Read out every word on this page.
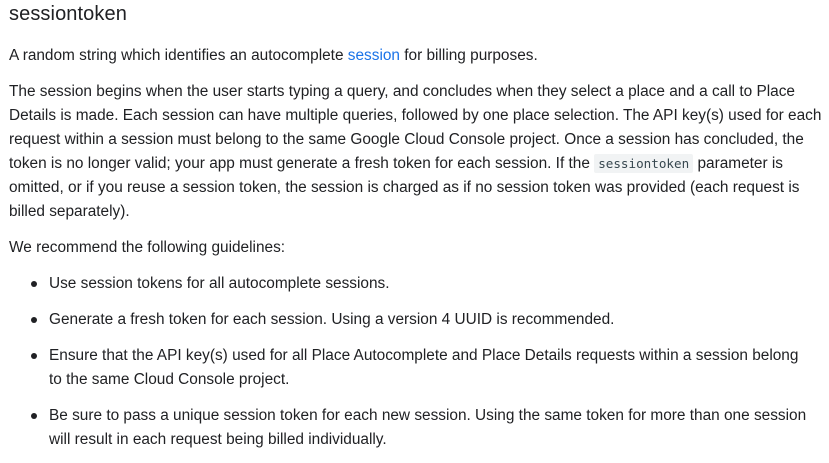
sessiontoken

A random string which identifies an autocomplete session for billing purposes.

The session begins when the user starts typing a query, and concludes when they select a place and a call to Place Details is made. Each session can have multiple queries, followed by one place selection. The API key(s) used for each request within a session must belong to the same Google Cloud Console project. Once a session has concluded, the token is no longer valid; your app must generate a fresh token for each session. If the sessiontoken parameter is omitted, or if you reuse a session token, the session is charged as if no session token was provided (each request is billed separately).

We recommend the following guidelines:

Use session tokens for all autocomplete sessions.
Generate a fresh token for each session. Using a version 4 UUID is recommended.
Ensure that the API key(s) used for all Place Autocomplete and Place Details requests within a session belong to the same Cloud Console project.
Be sure to pass a unique session token for each new session. Using the same token for more than one session will result in each request being billed individually.
